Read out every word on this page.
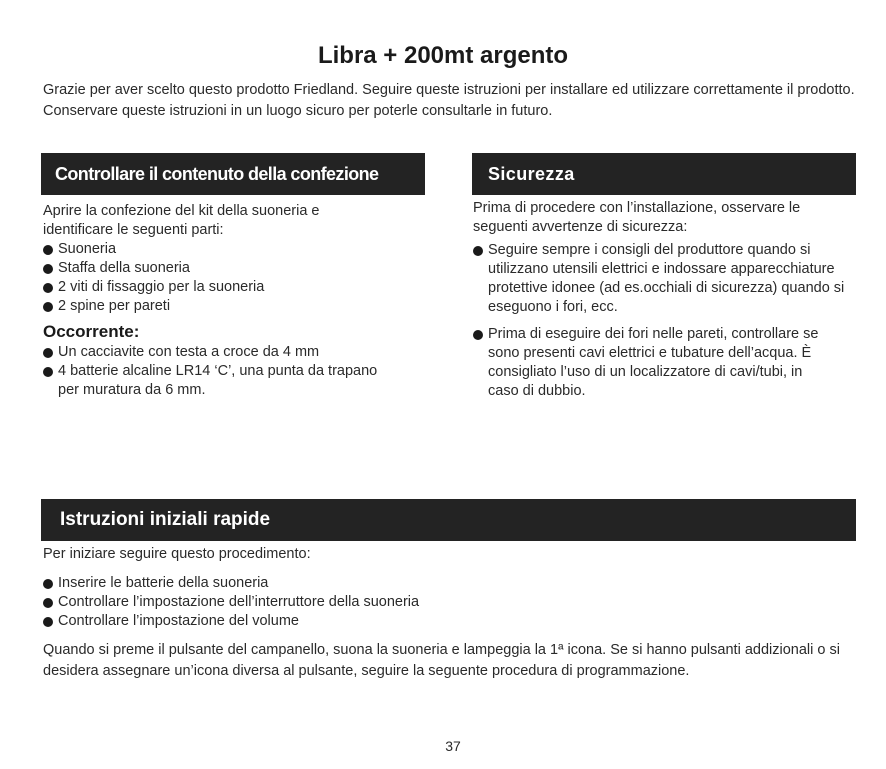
Libra + 200mt argento

Grazie per aver scelto questo prodotto Friedland. Seguire queste istruzioni per installare ed utilizzare correttamente il prodotto. Conservare queste istruzioni in un luogo sicuro per poterle consultarle in futuro.

Controllare il contenuto della confezione

Aprire la confezione del kit della suoneria e identificare le seguenti parti:

Suoneria
Staffa della suoneria
2 viti di fissaggio per la suoneria
2 spine per pareti
Occorrente:
Un cacciavite con testa a croce da 4 mm
4 batterie alcaline LR14 ‘C’, una punta da trapano per muratura da 6 mm.
Sicurezza

Prima di procedere con l’installazione, osservare le seguenti avvertenze di sicurezza:

Seguire sempre i consigli del produttore quando si utilizzano utensili elettrici e indossare apparecchiature protettive idonee (ad es.occhiali di sicurezza) quando si eseguono i fori, ecc.
Prima di eseguire dei fori nelle pareti, controllare se sono presenti cavi elettrici e tubature dell’acqua. È consigliato l’uso di un localizzatore di cavi/tubi, in caso di dubbio.
Istruzioni iniziali rapide

Per iniziare seguire questo procedimento:

Inserire le batterie della suoneria
Controllare l’impostazione dell’interruttore della suoneria
Controllare l’impostazione del volume

Quando si preme il pulsante del campanello, suona la suoneria e lampeggia la 1ª icona. Se si hanno pulsanti addizionali o si desidera assegnare un’icona diversa al pulsante, seguire la seguente procedura di programmazione.

37
